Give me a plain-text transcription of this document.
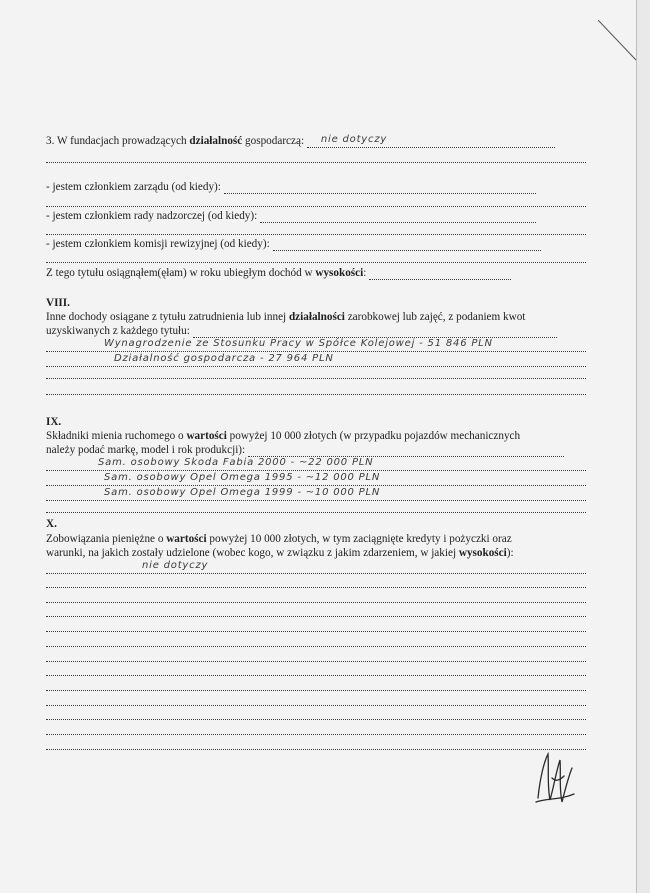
3. W fundacjach prowadzących działalność gospodarczą: nie dotyczy
- jestem członkiem zarządu (od kiedy):
- jestem członkiem rady nadzorczej (od kiedy):
- jestem członkiem komisji rewizyjnej (od kiedy):
Z tego tytułu osiągnąłem(ęłam) w roku ubiegłym dochód w wysokości:
VIII.
Inne dochody osiągane z tytułu zatrudnienia lub innej działalności zarobkowej lub zajęć, z podaniem kwot
uzyskiwanych z każdego tytułu:
Wynagrodzenie ze Stosunku Pracy w Spółce Kolejowej - 51 846 PLN
Działalność gospodarcza - 27 964 PLN
IX.
Składniki mienia ruchomego o wartości powyżej 10 000 złotych (w przypadku pojazdów mechanicznych
należy podać markę, model i rok produkcji):
Sam. osobowy Skoda Fabia 2000 - ~22 000 PLN
Sam. osobowy Opel Omega 1995 - ~12 000 PLN
Sam. osobowy Opel Omega 1999 - ~10 000 PLN
X.
Zobowiązania pieniężne o wartości powyżej 10 000 złotych, w tym zaciągnięte kredyty i pożyczki oraz
warunki, na jakich zostały udzielone (wobec kogo, w związku z jakim zdarzeniem, w jakiej wysokości):
nie dotyczy
